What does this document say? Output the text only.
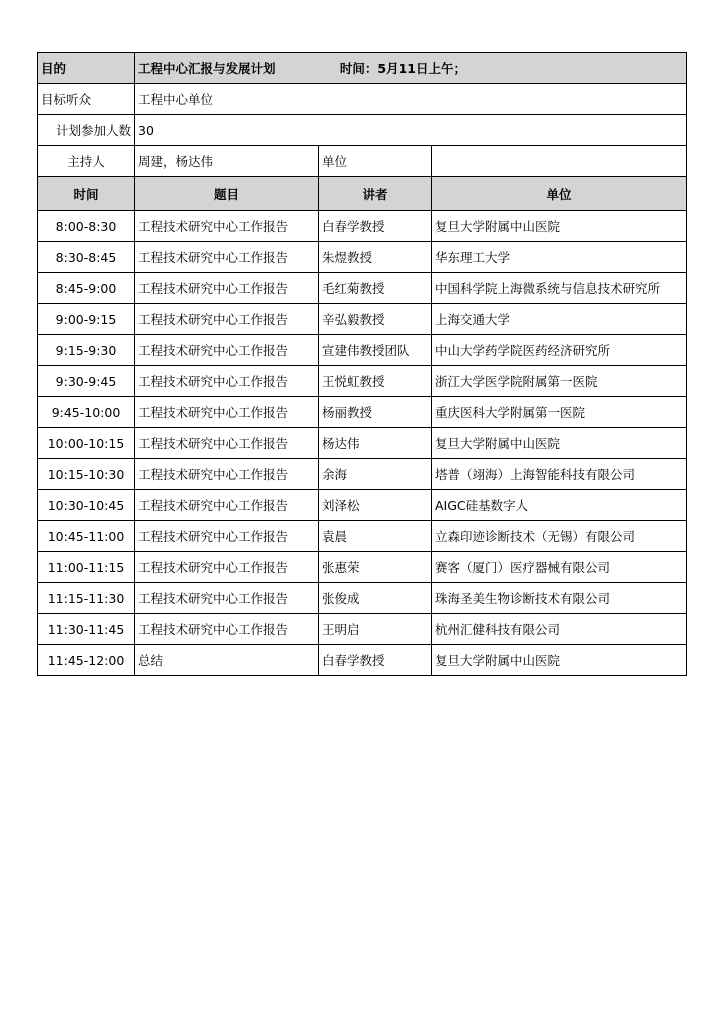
目的	工程中心汇报与发展计划 时间：5月11日上午；		
目标听众	工程中心单位		
计划参加人数	30		
主持人	周建，杨达伟	单位	
时间	题目	讲者	单位
8:00-8:30	工程技术研究中心工作报告	白春学教授	复旦大学附属中山医院
8:30-8:45	工程技术研究中心工作报告	朱煜教授	华东理工大学
8:45-9:00	工程技术研究中心工作报告	毛红菊教授	中国科学院上海微系统与信息技术研究所
9:00-9:15	工程技术研究中心工作报告	辛弘毅教授	上海交通大学
9:15-9:30	工程技术研究中心工作报告	宣建伟教授团队	中山大学药学院医药经济研究所
9:30-9:45	工程技术研究中心工作报告	王悦虹教授	浙江大学医学院附属第一医院
9:45-10:00	工程技术研究中心工作报告	杨丽教授	重庆医科大学附属第一医院
10:00-10:15	工程技术研究中心工作报告	杨达伟	复旦大学附属中山医院
10:15-10:30	工程技术研究中心工作报告	余海	塔普（翊海）上海智能科技有限公司
10:30-10:45	工程技术研究中心工作报告	刘泽松	AIGC硅基数字人
10:45-11:00	工程技术研究中心工作报告	袁晨	立森印迹诊断技术（无锡）有限公司
11:00-11:15	工程技术研究中心工作报告	张惠荣	赛客（厦门）医疗器械有限公司
11:15-11:30	工程技术研究中心工作报告	张俊成	珠海圣美生物诊断技术有限公司
11:30-11:45	工程技术研究中心工作报告	王明启	杭州汇健科技有限公司
11:45-12:00	总结	白春学教授	复旦大学附属中山医院
